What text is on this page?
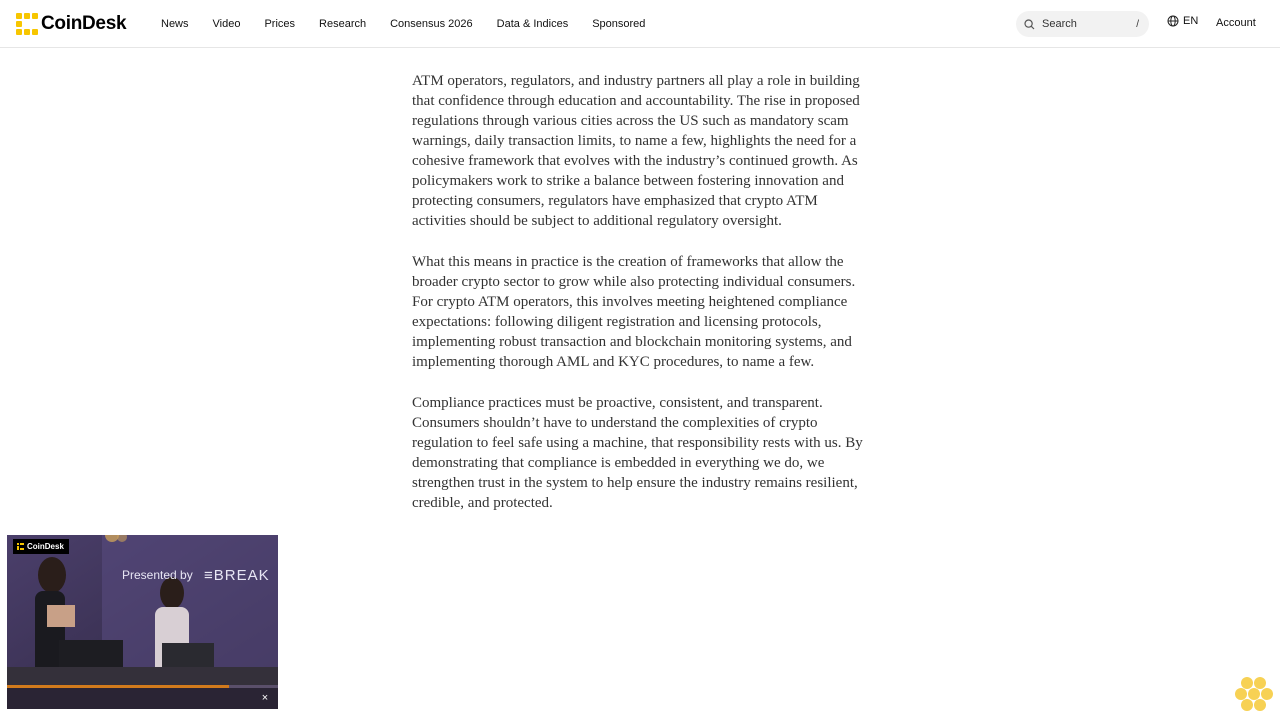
CoinDesk	News Video Prices Research Consensus 2026 Data & Indices Sponsored
Search	/	EN Account

ATM operators, regulators, and industry partners all play a role in building that confidence through education and accountability. The rise in proposed regulations through various cities across the US such as mandatory scam warnings, daily transaction limits, to name a few, highlights the need for a cohesive framework that evolves with the industry’s continued growth. As policymakers work to strike a balance between fostering innovation and protecting consumers, regulators have emphasized that crypto ATM activities should be subject to additional regulatory oversight.

What this means in practice is the creation of frameworks that allow the broader crypto sector to grow while also protecting individual consumers. For crypto ATM operators, this involves meeting heightened compliance expectations: following diligent registration and licensing protocols, implementing robust transaction and blockchain monitoring systems, and implementing thorough AML and KYC procedures, to name a few.

Compliance practices must be proactive, consistent, and transparent. Consumers shouldn’t have to understand the complexities of crypto regulation to feel safe using a machine, that responsibility rests with us. By demonstrating that compliance is embedded in everything we do, we strengthen trust in the system to help ensure the industry remains resilient, credible, and protected.

CoinDesk
Presented by ≡BREAK
×
